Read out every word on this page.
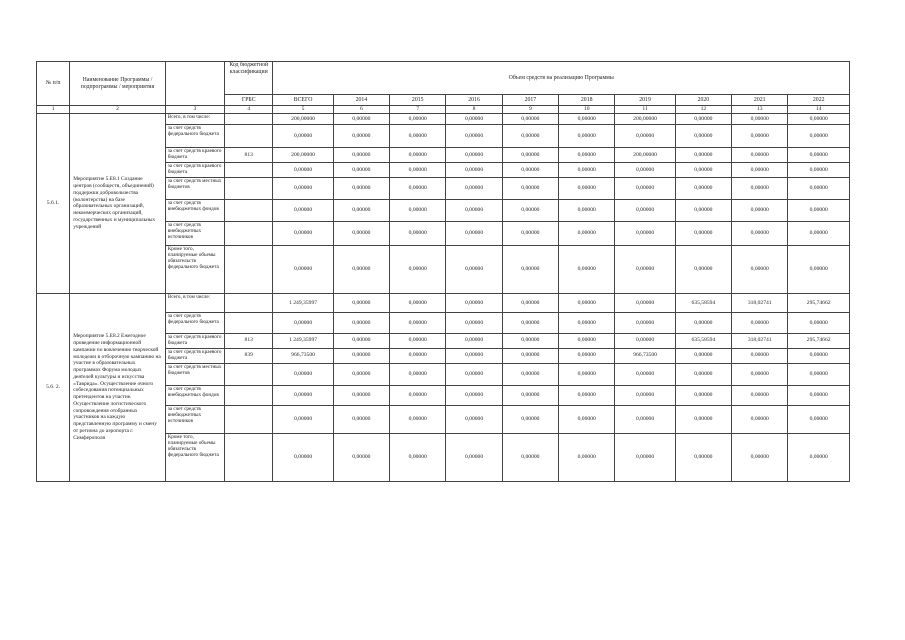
№ п/п	Наименование Программы / подпрограммы / мероприятия		Код бюджетной классификации	Объем средств на реализацию Программы									
			ГРБС	ВСЕГО	2014	2015	2016	2017	2018	2019	2020	2021	2022
1	2	3	4	5	6	7	8	9	10	11	12	13	14
5.6.1.	Мероприятие 5.Е8.1 Создание центров (сообществ, объединений) поддержки добровольчества (волонтерства) на базе образовательных организаций, некоммерческих организаций, государственных и муниципальных учреждений	Всего, в том числе:		200,00000	0,00000	0,00000	0,00000	0,00000	0,00000	200,00000	0,00000	0,00000	0,00000
		за счет средств федерального бюджета		0,00000	0,00000	0,00000	0,00000	0,00000	0,00000	0,00000	0,00000	0,00000	0,00000
		за счет средств краевого бюджета	813	200,00000	0,00000	0,00000	0,00000	0,00000	0,00000	200,00000	0,00000	0,00000	0,00000
		за счет средств краевого бюджета		0,00000	0,00000	0,00000	0,00000	0,00000	0,00000	0,00000	0,00000	0,00000	0,00000
		за счет средств местных бюджетов		0,00000	0,00000	0,00000	0,00000	0,00000	0,00000	0,00000	0,00000	0,00000	0,00000
		за счет средств внебюджетных фондов		0,00000	0,00000	0,00000	0,00000	0,00000	0,00000	0,00000	0,00000	0,00000	0,00000
		за счет средств внебюджетных источников		0,00000	0,00000	0,00000	0,00000	0,00000	0,00000	0,00000	0,00000	0,00000	0,00000
		Кроме того, планируемые объемы обязательств федерального бюджета		0,00000	0,00000	0,00000	0,00000	0,00000	0,00000	0,00000	0,00000	0,00000	0,00000
5.6. 2.	Мероприятие 5.Е8.2 Ежегодное проведение информационной кампании по вовлечению творческой молодежи в отборочную кампанию на участие в образовательных программах Форума молодых деятелей культуры и искусства «Таврида». Осуществление очного собеседования потенциальных претендентов на участие. Осуществление логистического сопровождения отобранных участников на каждую представленную программу и смену от региона до аэропорта г. Симферополя	Всего, в том числе:		1 249,35997	0,00000	0,00000	0,00000	0,00000	0,00000	0,00000	635,58594	318,02741	295,74662
		за счет средств федерального бюджета		0,00000	0,00000	0,00000	0,00000	0,00000	0,00000	0,00000	0,00000	0,00000	0,00000
		за счет средств краевого бюджета	813	1 249,35997	0,00000	0,00000	0,00000	0,00000	0,00000	0,00000	635,58594	318,02741	295,74662
		за счет средств краевого бюджета	839	966,73500	0,00000	0,00000	0,00000	0,00000	0,00000	966,73500	0,00000	0,00000	0,00000
		за счет средств местных бюджетов		0,00000	0,00000	0,00000	0,00000	0,00000	0,00000	0,00000	0,00000	0,00000	0,00000
		за счет средств внебюджетных фондов		0,00000	0,00000	0,00000	0,00000	0,00000	0,00000	0,00000	0,00000	0,00000	0,00000
		за счет средств внебюджетных источников		0,00000	0,00000	0,00000	0,00000	0,00000	0,00000	0,00000	0,00000	0,00000	0,00000
		Кроме того, планируемые объемы обязательств федерального бюджета		0,00000	0,00000	0,00000	0,00000	0,00000	0,00000	0,00000	0,00000	0,00000	0,00000
